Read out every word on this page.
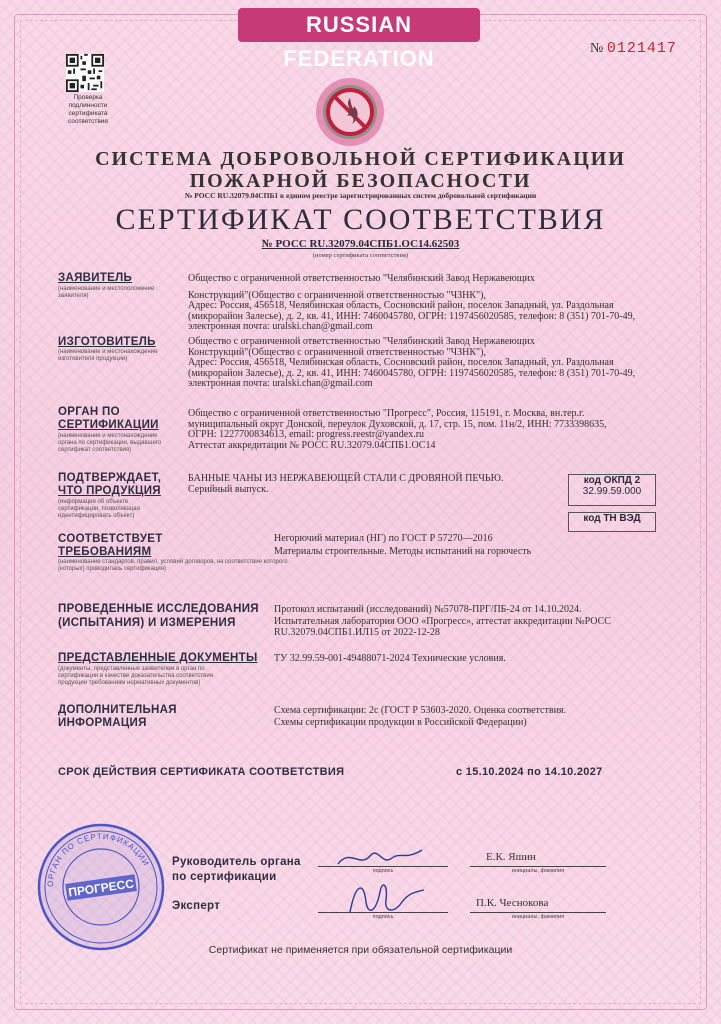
RUSSIAN FEDERATION	№ 0121417
Проверка подлинности сертификата соответствия
СИСТЕМА ДОБРОВОЛЬНОЙ СЕРТИФИКАЦИИ
ПОЖАРНОЙ БЕЗОПАСНОСТИ
№ РОСС RU.32079.04СПБ1 в едином реестре зарегистрированных систем добровольной сертификации
СЕРТИФИКАТ СООТВЕТСТВИЯ
№ РОСС RU.32079.04СПБ1.ОС14.62503
(номер сертификата соответствия)
ЗАЯВИТЕЛЬ
(наименование и местоположение заявителя)
Общество с ограниченной ответственностью "Челябинский Завод Нержавеющих
Конструкций"(Общество с ограниченной ответственностью "ЧЗНК"),
Адрес: Россия, 456518, Челябинская область, Сосновский район, поселок Западный, ул. Раздольная
(микрорайон Залесье), д. 2, кв. 41, ИНН: 7460045780, ОГРН: 1197456020585, телефон: 8 (351) 701-70-49,
электронная почта: uralski.chan@gmail.com
ИЗГОТОВИТЕЛЬ
(наименование и местонахождение изготовителя продукции)
Общество с ограниченной ответственностью "Челябинский Завод Нержавеющих
Конструкций"(Общество с ограниченной ответственностью "ЧЗНК"),
Адрес: Россия, 456518, Челябинская область, Сосновский район, поселок Западный, ул. Раздольная
(микрорайон Залесье), д. 2, кв. 41, ИНН: 7460045780, ОГРН: 1197456020585, телефон: 8 (351) 701-70-49,
электронная почта: uralski.chan@gmail.com
ОРГАН ПО
СЕРТИФИКАЦИИ
(наименование и местонахождение органа по сертификации, выдавшего сертификат соответствия)
Общество с ограниченной ответственностью "Прогресс", Россия, 115191, г. Москва, вн.тер.г.
муниципальный округ Донской, переулок Духовской, д. 17, стр. 15, пом. 11н/2, ИНН: 7733398635,
ОГРН: 1227700834613, email: progress.reestr@yandex.ru
Аттестат аккредитации № РОСС RU.32079.04СПБ1.ОС14
ПОДТВЕРЖДАЕТ,
ЧТО ПРОДУКЦИЯ
(информация об объекте сертификации, позволяющая идентифицировать объект)
БАННЫЕ ЧАНЫ ИЗ НЕРЖАВЕЮЩЕЙ СТАЛИ С ДРОВЯНОЙ ПЕЧЬЮ.
Серийный выпуск.
код ОКПД 2
32.99.59.000
код ТН ВЭД
СООТВЕТСТВУЕТ
ТРЕБОВАНИЯМ
(наименование стандартов, правил, условий договоров, на соответствие которого (которых) проводилась сертификация)
Негорючий материал (НГ) по ГОСТ Р 57270—2016
Материалы строительные. Методы испытаний на горючесть
ПРОВЕДЕННЫЕ ИССЛЕДОВАНИЯ
(ИСПЫТАНИЯ) И ИЗМЕРЕНИЯ
Протокол испытаний (исследований) №57078-ПРГ/ПБ-24 от 14.10.2024.
Испытательная лаборатория ООО «Прогресс», аттестат аккредитации №РОСС
RU.32079.04СПБ1.ИЛ15 от 2022-12-28
ПРЕДСТАВЛЕННЫЕ ДОКУМЕНТЫ
(документы, представленные заявителем в орган по сертификации в качестве доказательства соответствия продукции требованиям нормативных документов)
ТУ 32.99.59-001-49488071-2024 Технические условия.
ДОПОЛНИТЕЛЬНАЯ
ИНФОРМАЦИЯ
Схема сертификации: 2с (ГОСТ Р 53603-2020. Оценка соответствия.
Схемы сертификации продукции в Российской Федерации)
СРОК ДЕЙСТВИЯ СЕРТИФИКАТА СООТВЕТСТВИЯ	с 15.10.2024 по 14.10.2027
ОРГАН ПО СЕРТИФИКАЦИИ
ПРОГРЕСС
Руководитель органа
по сертификации	подпись
Е.К. Яшин
инициалы, фамилия
Эксперт
подпись
П.К. Чеснокова
инициалы, фамилия
Сертификат не применяется при обязательной сертификации
